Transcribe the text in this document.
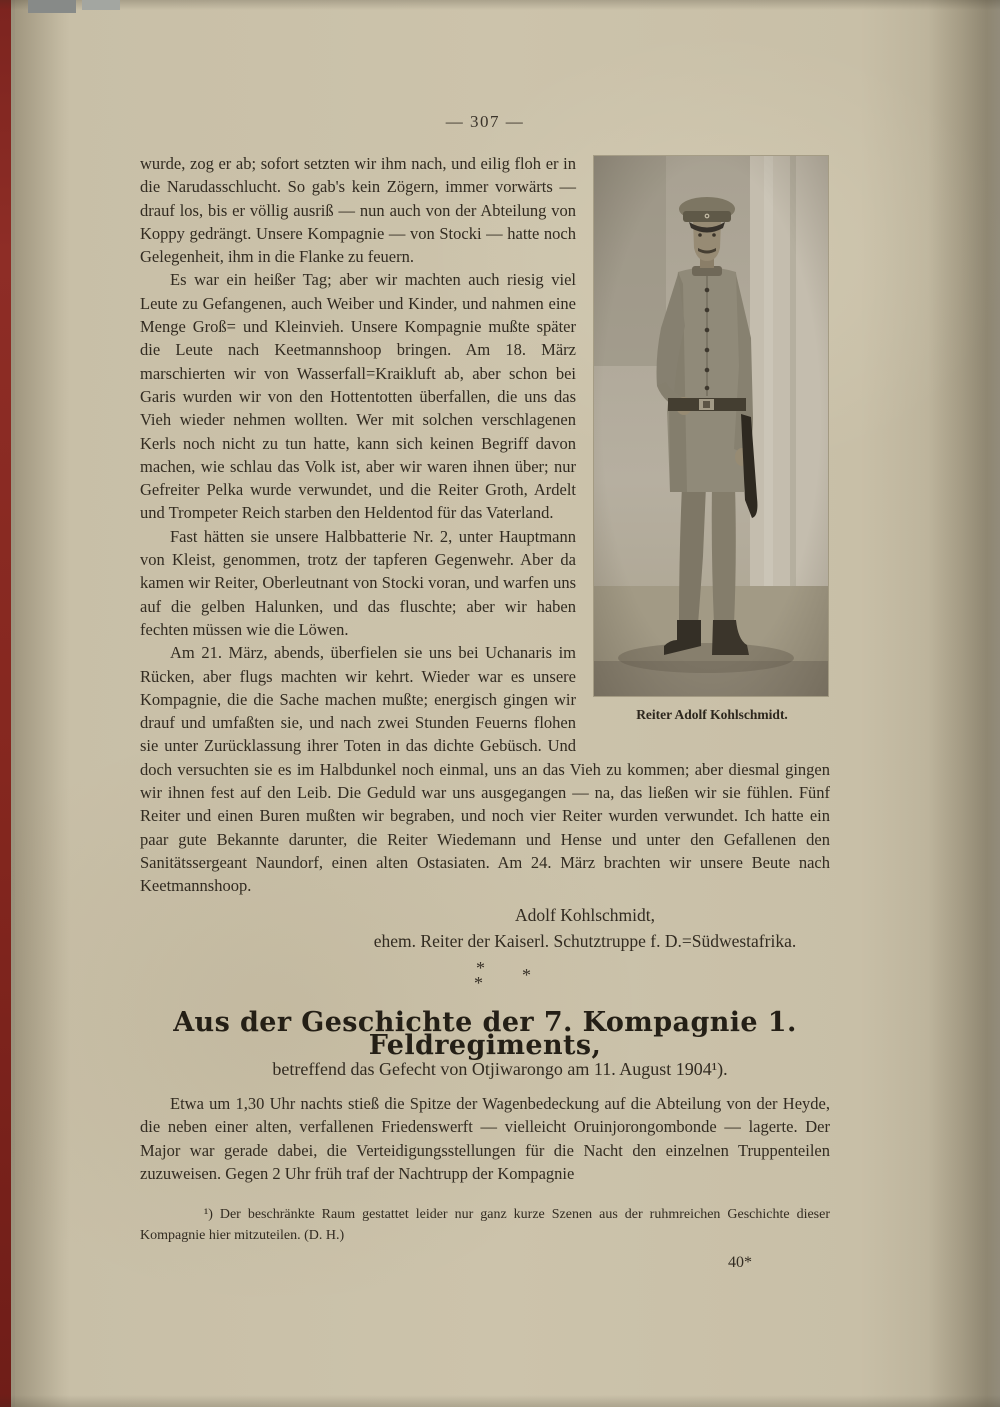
— 307 —
Reiter Adolf Kohlschmidt.

wurde, zog er ab; sofort setzten wir ihm nach, und eilig floh er in die Narudasschlucht. So gab's kein Zögern, immer vorwärts — drauf los, bis er völlig ausriß — nun auch von der Abteilung von Koppy gedrängt. Unsere Kompagnie — von Stocki — hatte noch Gelegenheit, ihm in die Flanke zu feuern.

Es war ein heißer Tag; aber wir machten auch riesig viel Leute zu Gefangenen, auch Weiber und Kinder, und nahmen eine Menge Groß= und Kleinvieh. Unsere Kompagnie mußte später die Leute nach Keetmannshoop bringen. Am 18. März marschierten wir von Wasserfall=Kraikluft ab, aber schon bei Garis wurden wir von den Hottentotten überfallen, die uns das Vieh wieder nehmen wollten. Wer mit solchen verschlagenen Kerls noch nicht zu tun hatte, kann sich keinen Begriff davon machen, wie schlau das Volk ist, aber wir waren ihnen über; nur Gefreiter Pelka wurde verwundet, und die Reiter Groth, Ardelt und Trompeter Reich starben den Heldentod für das Vaterland.

Fast hätten sie unsere Halbbatterie Nr. 2, unter Hauptmann von Kleist, genommen, trotz der tapferen Gegenwehr. Aber da kamen wir Reiter, Oberleutnant von Stocki voran, und warfen uns auf die gelben Halunken, und das fluschte; aber wir haben fechten müssen wie die Löwen.

Am 21. März, abends, überfielen sie uns bei Uchanaris im Rücken, aber flugs machten wir kehrt. Wieder war es unsere Kompagnie, die die Sache machen mußte; energisch gingen wir drauf und umfaßten sie, und nach zwei Stunden Feuerns flohen sie unter Zurücklassung ihrer Toten in das dichte Gebüsch. Und doch versuchten sie es im Halbdunkel noch einmal, uns an das Vieh zu kommen; aber diesmal gingen wir ihnen fest auf den Leib. Die Geduld war uns ausgegangen — na, das ließen wir sie fühlen. Fünf Reiter und einen Buren mußten wir begraben, und noch vier Reiter wurden verwundet. Ich hatte ein paar gute Bekannte darunter, die Reiter Wiedemann und Hense und unter den Gefallenen den Sanitätssergeant Naundorf, einen alten Ostasiaten. Am 24. März brachten wir unsere Beute nach Keetmannshoop.

Adolf Kohlschmidt,
ehem. Reiter der Kaiserl. Schutztruppe f. D.=Südwestafrika.
* *
*
Aus der Geschichte der 7. Kompagnie 1. Feldregiments,

betreffend das Gefecht von Otjiwarongo am 11. August 1904¹).

Etwa um 1,30 Uhr nachts stieß die Spitze der Wagenbedeckung auf die Abteilung von der Heyde, die neben einer alten, verfallenen Friedenswerft — vielleicht Oruinjorongombonde — lagerte. Der Major war gerade dabei, die Verteidigungsstellungen für die Nacht den einzelnen Truppenteilen zuzuweisen. Gegen 2 Uhr früh traf der Nachtrupp der Kompagnie

¹) Der beschränkte Raum gestattet leider nur ganz kurze Szenen aus der ruhmreichen Geschichte dieser Kompagnie hier mitzuteilen. (D. H.)
40*
